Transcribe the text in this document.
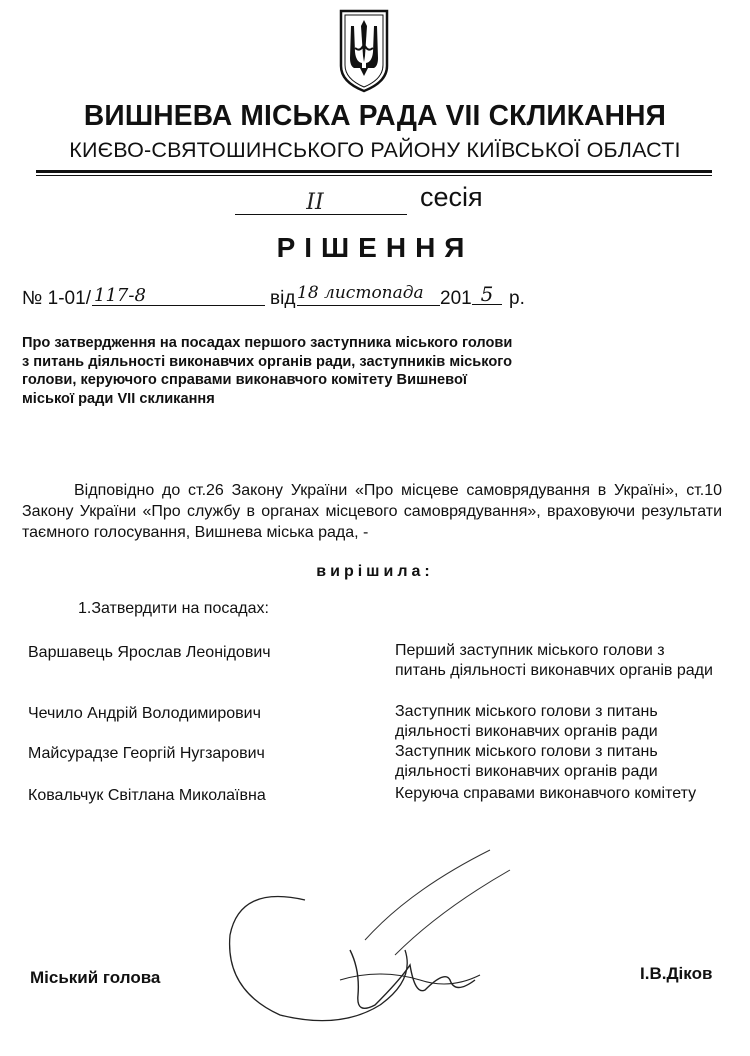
ВИШНЕВА МІСЬКА РАДА VII СКЛИКАННЯ
КИЄВО-СВЯТОШИНСЬКОГО РАЙОНУ КИЇВСЬКОЇ ОБЛАСТІ
ІІ	сесія
РІШЕННЯ
№ 1-01/ 117-8	від 18 листопада 201 5 р.
Про затвердження на посадах першого заступника міського голови з питань діяльності виконавчих органів ради, заступників міського голови, керуючого справами виконавчого комітету Вишневої міської ради VII скликання
Відповідно до ст.26 Закону України «Про місцеве самоврядування в Україні», ст.10 Закону України «Про службу в органах місцевого самоврядування», враховуючи результати таємного голосування, Вишнева міська рада, -
вирішила:
1.Затвердити на посадах:
Варшавець Ярослав Леонідович	Перший заступник міського голови з питань діяльності виконавчих органів ради
Чечило Андрій Володимирович	Заступник міського голови з питань діяльності виконавчих органів ради
Майсурадзе Георгій Нугзарович	Заступник міського голови з питань діяльності виконавчих органів ради
Ковальчук Світлана Миколаївна	Керуюча справами виконавчого комітету
Міський голова	І.В.Діков
